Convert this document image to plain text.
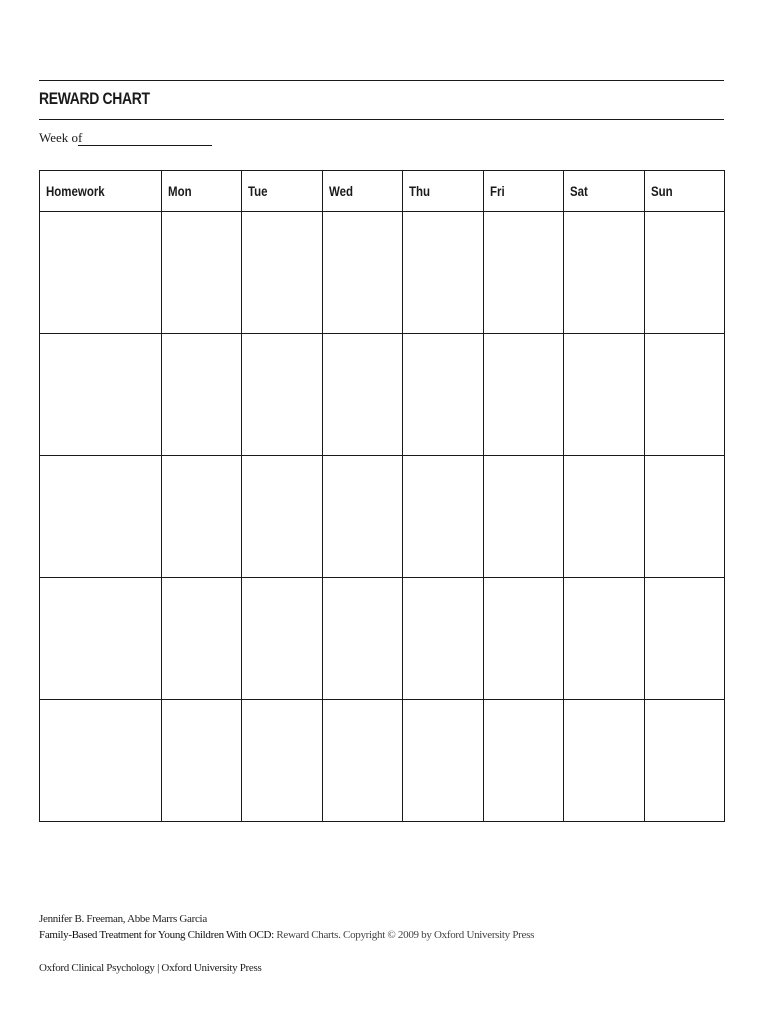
REWARD CHART
Week of
Homework	Mon	Tue	Wed	Thu	Fri	Sat	Sun

Jennifer B. Freeman, Abbe Marrs Garcia
Family-Based Treatment for Young Children With OCD: Reward Charts. Copyright © 2009 by Oxford University Press
Oxford Clinical Psychology | Oxford University Press
